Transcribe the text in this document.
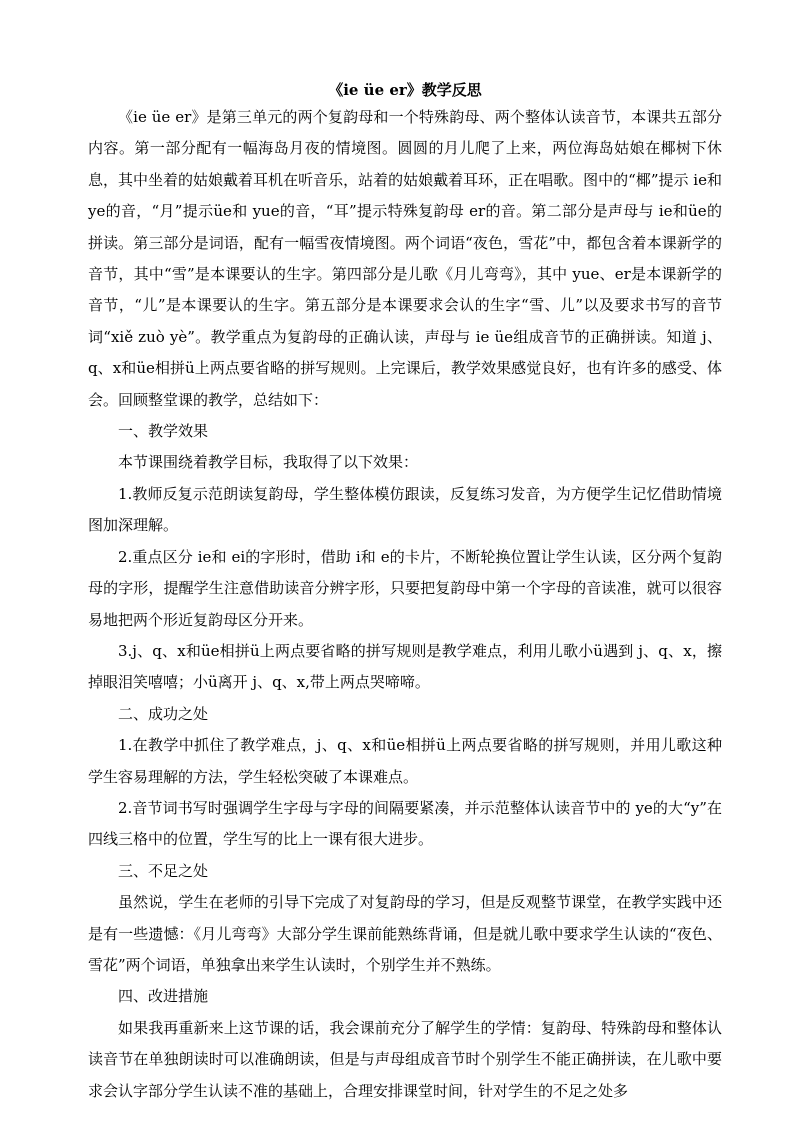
《ie üe er》教学反思

《ie üe er》是第三单元的两个复韵母和一个特殊韵母、两个整体认读音节，本课共五部分内容。第一部分配有一幅海岛月夜的情境图。圆圆的月儿爬了上来，两位海岛姑娘在椰树下休息，其中坐着的姑娘戴着耳机在听音乐，站着的姑娘戴着耳环，正在唱歌。图中的“椰”提示 ie和 ye的音，“月”提示üe和 yue的音，“耳”提示特殊复韵母 er的音。第二部分是声母与 ie和üe的拼读。第三部分是词语，配有一幅雪夜情境图。两个词语“夜色，雪花”中，都包含着本课新学的音节，其中“雪”是本课要认的生字。第四部分是儿歌《月儿弯弯》，其中 yue、er是本课新学的音节，“儿”是本课要认的生字。第五部分是本课要求会认的生字“雪、儿”以及要求书写的音节词“xiě zuò yè”。教学重点为复韵母的正确认读，声母与 ie üe组成音节的正确拼读。知道 j、q、x和üe相拼ü上两点要省略的拼写规则。上完课后，教学效果感觉良好，也有许多的感受、体会。回顾整堂课的教学，总结如下：

一、教学效果

本节课围绕着教学目标，我取得了以下效果：

1.教师反复示范朗读复韵母，学生整体模仿跟读，反复练习发音，为方便学生记忆借助情境图加深理解。

2.重点区分 ie和 ei的字形时，借助 i和 e的卡片，不断轮换位置让学生认读，区分两个复韵母的字形，提醒学生注意借助读音分辨字形，只要把复韵母中第一个字母的音读准，就可以很容易地把两个形近复韵母区分开来。

3.j、q、x和üe相拼ü上两点要省略的拼写规则是教学难点，利用儿歌小ü遇到 j、q、x，擦掉眼泪笑嘻嘻；小ü离开 j、q、x,带上两点哭啼啼。

二、成功之处

1.在教学中抓住了教学难点，j、q、x和üe相拼ü上两点要省略的拼写规则，并用儿歌这种学生容易理解的方法，学生轻松突破了本课难点。

2.音节词书写时强调学生字母与字母的间隔要紧凑，并示范整体认读音节中的 ye的大“y”在四线三格中的位置，学生写的比上一课有很大进步。

三、不足之处

虽然说，学生在老师的引导下完成了对复韵母的学习，但是反观整节课堂，在教学实践中还是有一些遗憾：《月儿弯弯》大部分学生课前能熟练背诵，但是就儿歌中要求学生认读的“夜色、雪花”两个词语，单独拿出来学生认读时，个别学生并不熟练。

四、改进措施

如果我再重新来上这节课的话，我会课前充分了解学生的学情：复韵母、特殊韵母和整体认读音节在单独朗读时可以准确朗读，但是与声母组成音节时个别学生不能正确拼读，在儿歌中要求会认字部分学生认读不准的基础上，合理安排课堂时间，针对学生的不足之处多
